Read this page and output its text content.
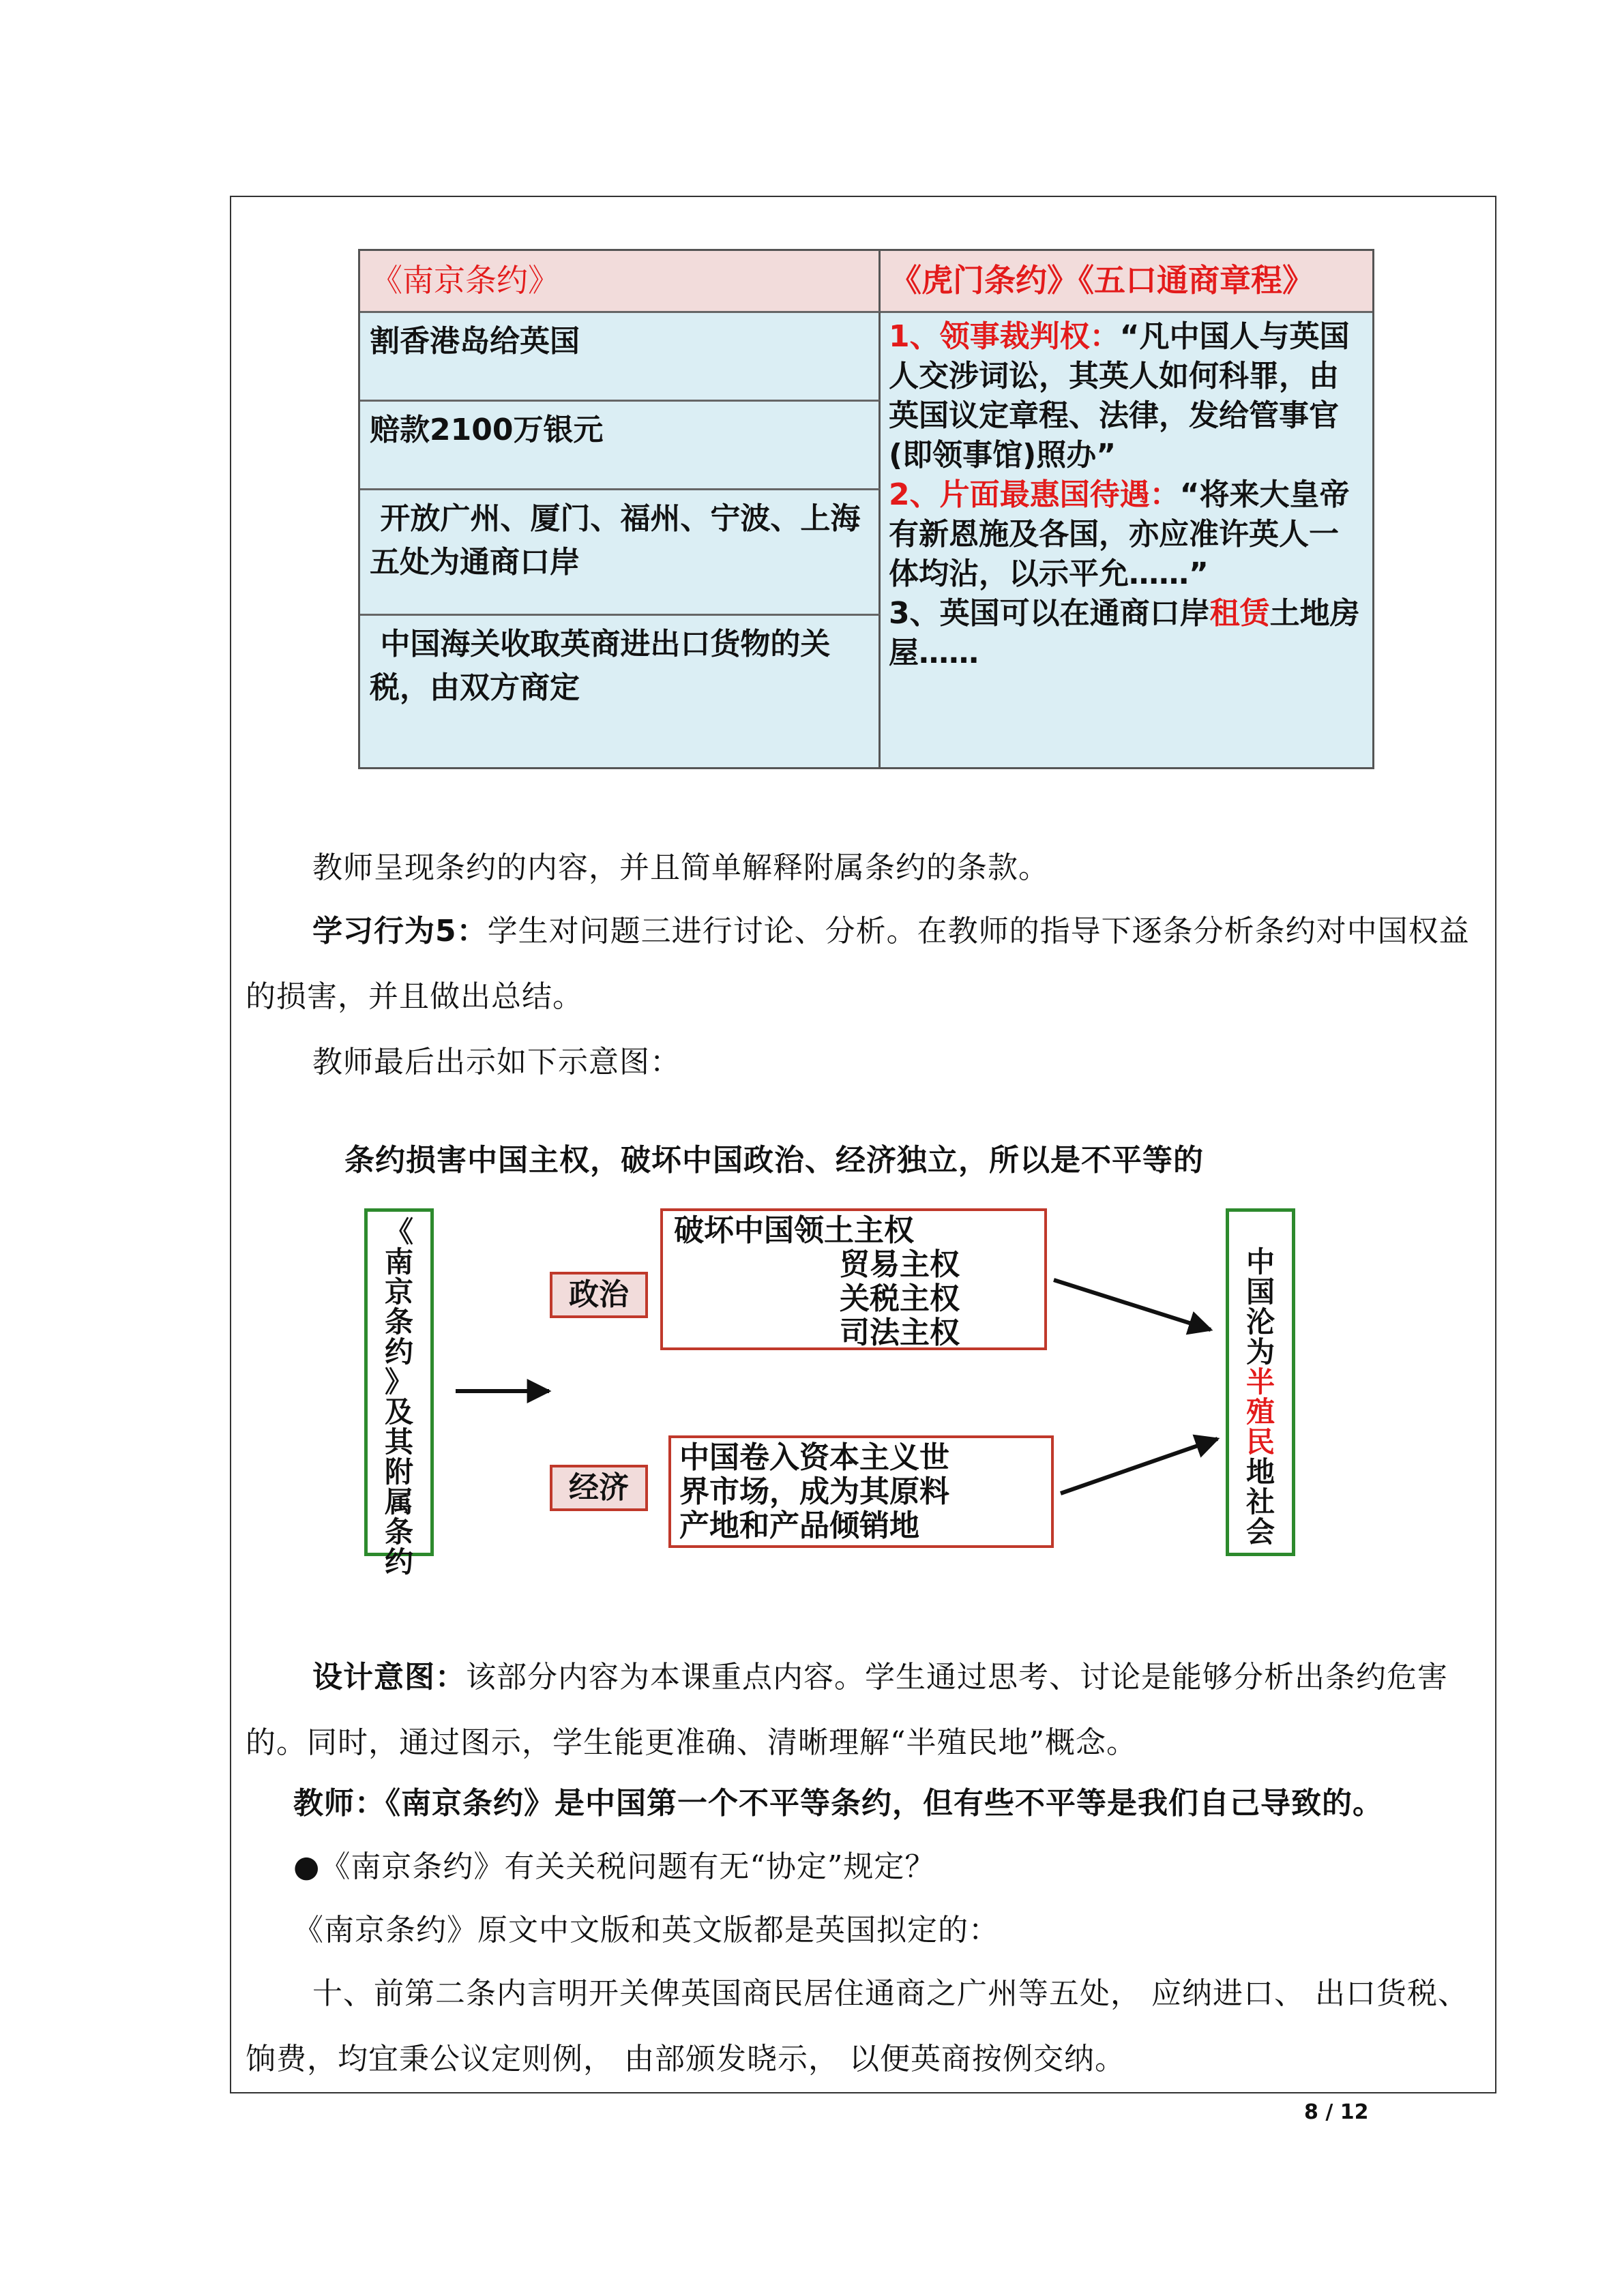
《南京条约》	《虎门条约》《五口通商章程》
割香港岛给英国
赔款2100万银元
开放广州、厦门、福州、宁波、上海五处为通商口岸
中国海关收取英商进出口货物的关税，由双方商定
1、领事裁判权：“凡中国人与英国人交涉词讼，其英人如何科罪，由英国议定章程、法律，发给管事官(即领事馆)照办”
2、片面最惠国待遇：“将来大皇帝有新恩施及各国，亦应准许英人一体均沾，以示平允……”
3、英国可以在通商口岸租赁土地房屋……
教师呈现条约的内容，并且简单解释附属条约的条款。
学习行为5：学生对问题三进行讨论、分析。在教师的指导下逐条分析条约对中国权益的损害，并且做出总结。
教师最后出示如下示意图：
条约损害中国主权，破坏中国政治、经济独立，所以是不平等的
《
南
京
条
约
》
及
其
附
属
条
约
政治
经济
破坏中国领土主权
贸易主权
关税主权
司法主权
中国卷入资本主义世
界市场，成为其原料
产地和产品倾销地
中
国
沦
为
半
殖
民
地
社
会
设计意图：该部分内容为本课重点内容。学生通过思考、讨论是能够分析出条约危害的。同时，通过图示，学生能更准确、清晰理解“半殖民地”概念。
教师：《南京条约》是中国第一个不平等条约，但有些不平等是我们自己导致的。
●《南京条约》有关关税问题有无“协定”规定？
《南京条约》原文中文版和英文版都是英国拟定的：
十、前第二条内言明开关俾英国商民居住通商之广州等五处， 应纳进口、 出口货税、 饷费，均宜秉公议定则例， 由部颁发晓示， 以便英商按例交纳。
8 / 12
